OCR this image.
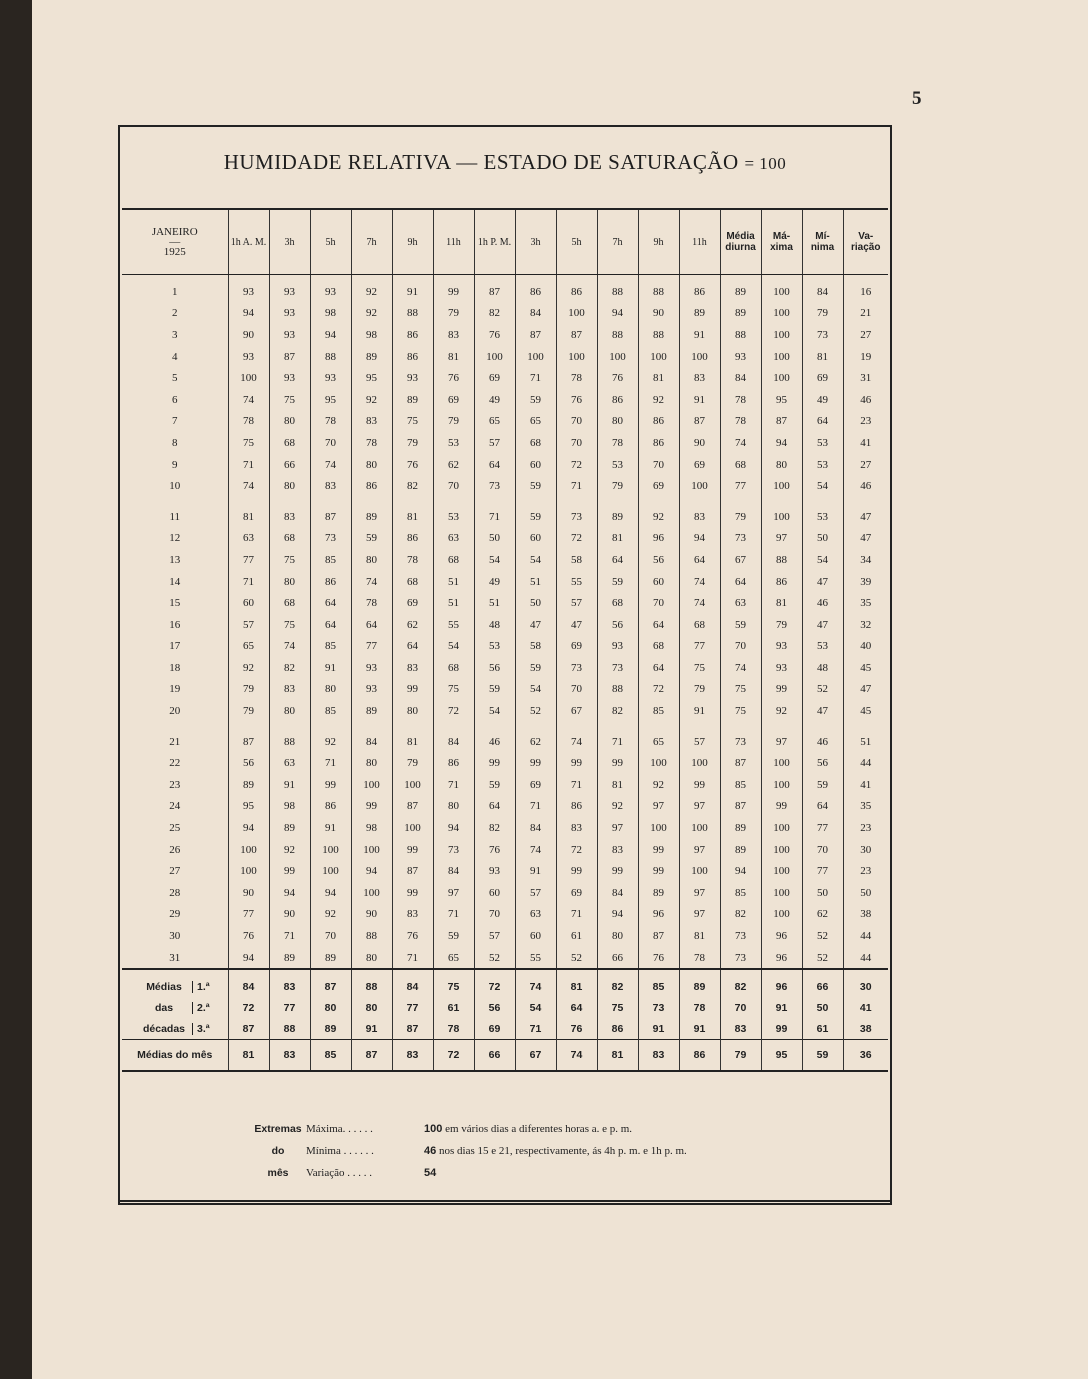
5
HUMIDADE RELATIVA — ESTADO DE SATURAÇÃO = 100
JANEIRO
—
1925	1h A. M.	3h	5h	7h	9h	11h	1h P. M.	3h	5h	7h	9h	11h	Média diurna	Má- xima	Mí- nima	Va- riação
1	93	93	93	92	91	99	87	86	86	88	88	86	89	100	84	16
2	94	93	98	92	88	79	82	84	100	94	90	89	89	100	79	21
3	90	93	94	98	86	83	76	87	87	88	88	91	88	100	73	27
4	93	87	88	89	86	81	100	100	100	100	100	100	93	100	81	19
5	100	93	93	95	93	76	69	71	78	76	81	83	84	100	69	31
6	74	75	95	92	89	69	49	59	76	86	92	91	78	95	49	46
7	78	80	78	83	75	79	65	65	70	80	86	87	78	87	64	23
8	75	68	70	78	79	53	57	68	70	78	86	90	74	94	53	41
9	71	66	74	80	76	62	64	60	72	53	70	69	68	80	53	27
10	74	80	83	86	82	70	73	59	71	79	69	100	77	100	54	46

11	81	83	87	89	81	53	71	59	73	89	92	83	79	100	53	47
12	63	68	73	59	86	63	50	60	72	81	96	94	73	97	50	47
13	77	75	85	80	78	68	54	54	58	64	56	64	67	88	54	34
14	71	80	86	74	68	51	49	51	55	59	60	74	64	86	47	39
15	60	68	64	78	69	51	51	50	57	68	70	74	63	81	46	35
16	57	75	64	64	62	55	48	47	47	56	64	68	59	79	47	32
17	65	74	85	77	64	54	53	58	69	93	68	77	70	93	53	40
18	92	82	91	93	83	68	56	59	73	73	64	75	74	93	48	45
19	79	83	80	93	99	75	59	54	70	88	72	79	75	99	52	47
20	79	80	85	89	80	72	54	52	67	82	85	91	75	92	47	45

21	87	88	92	84	81	84	46	62	74	71	65	57	73	97	46	51
22	56	63	71	80	79	86	99	99	99	99	100	100	87	100	56	44
23	89	91	99	100	100	71	59	69	71	81	92	99	85	100	59	41
24	95	98	86	99	87	80	64	71	86	92	97	97	87	99	64	35
25	94	89	91	98	100	94	82	84	83	97	100	100	89	100	77	23
26	100	92	100	100	99	73	76	74	72	83	99	97	89	100	70	30
27	100	99	100	94	87	84	93	91	99	99	99	100	94	100	77	23
28	90	94	94	100	99	97	60	57	69	84	89	97	85	100	50	50
29	77	90	92	90	83	71	70	63	71	94	96	97	82	100	62	38
30	76	71	70	88	76	59	57	60	61	80	87	81	73	96	52	44
31	94	89	89	80	71	65	52	55	52	66	76	78	73	96	52	44
Médias 1.ª	84	83	87	88	84	75	72	74	81	82	85	89	82	96	66	30
das 2.ª	72	77	80	80	77	61	56	54	64	75	73	78	70	91	50	41
décadas 3.ª	87	88	89	91	87	78	69	71	76	86	91	91	83	99	61	38
Médias do mês	81	83	85	87	83	72	66	67	74	81	83	86	79	95	59	36
Extremas Máxima. . . . . .	100 em vários dias a diferentes horas a. e p. m.
do Mínima . . . . . .	46 nos dias 15 e 21, respectivamente, ás 4h p. m. e 1h p. m.
mês Variação . . . . .	54
